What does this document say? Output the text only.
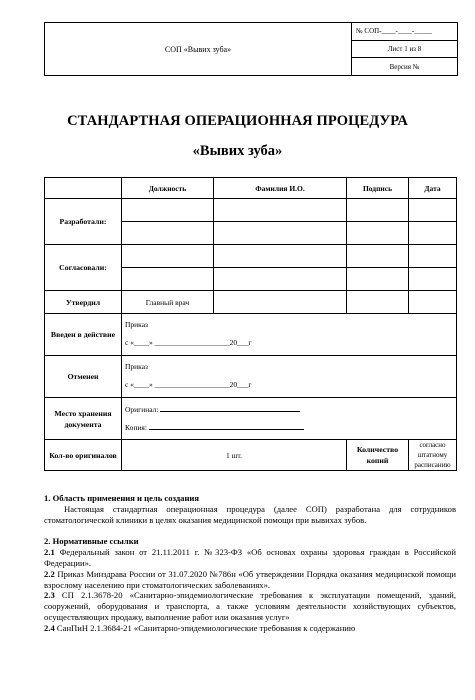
СОП «Вывих зуба»
№ СОП-____-____-_____
Лист 1 из 8
Версия №
СТАНДАРТНАЯ ОПЕРАЦИОННАЯ ПРОЦЕДУРА
«Вывих зуба»
	Должность	Фамилия И.О.	Подпись	Дата
Разработали:				

Согласовали:				

Утвердил	Главный врач			
Введен в действие	Приказ
с «____» ____________________20___г			

Отменен	Приказ
с «____» ____________________20___г			

Место хранения документа	Оригинал:
Копия:			

Кол-во оригиналов	1 шт.		Количество копий	согласно штатному расписанию

1. Область применения и цель создания

Настоящая стандартная операционная процедура (далее СОП) разработана для сотрудников стоматологической клиники в целях оказания медицинской помощи при вывихах зубов.

2. Нормативные ссылки

2.1 Федеральный закон от 21.11.2011 г. №323-ФЗ «Об основах охраны здоровья граждан в Российской Федерации».

2.2 Приказ Минздрава России от 31.07.2020 №786н «Об утверждении Порядка оказания медицинской помощи взрослому населению при стоматологических заболеваниях».

2.3 СП 2.1.3678-20 «Санитарно-эпидемиологические требования к эксплуатации помещений, зданий, сооружений, оборудования и транспорта, а также условиям деятельности хозяйствующих субъектов, осуществляющих продажу, выполнение работ или оказания услуг»

2.4 СанПиН 2.1.3684-21 «Санитарно-эпидемиологические требования к содержанию
